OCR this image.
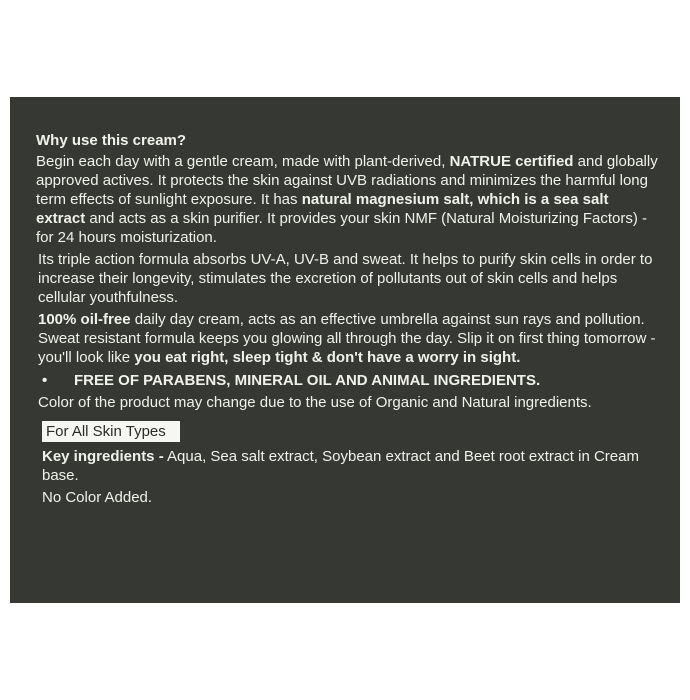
Why use this cream?

Begin each day with a gentle cream, made with plant-derived, NATRUE certified and globally approved actives. It protects the skin against UVB radiations and minimizes the harmful long term effects of sunlight exposure. It has natural magnesium salt, which is a sea salt extract and acts as a skin purifier. It provides your skin NMF (Natural Moisturizing Factors) - for 24 hours moisturization.

Its triple action formula absorbs UV-A, UV-B and sweat. It helps to purify skin cells in order to increase their longevity, stimulates the excretion of pollutants out of skin cells and helps cellular youthfulness.

100% oil-free daily day cream, acts as an effective umbrella against sun rays and pollution. Sweat resistant formula keeps you glowing all through the day. Slip it on first thing tomorrow - you'll look like you eat right, sleep tight & don't have a worry in sight.

•	FREE OF PARABENS, MINERAL OIL AND ANIMAL INGREDIENTS.

Color of the product may change due to the use of Organic and Natural ingredients.

For All Skin Types

Key ingredients - Aqua, Sea salt extract, Soybean extract and Beet root extract in Cream base.

No Color Added.
